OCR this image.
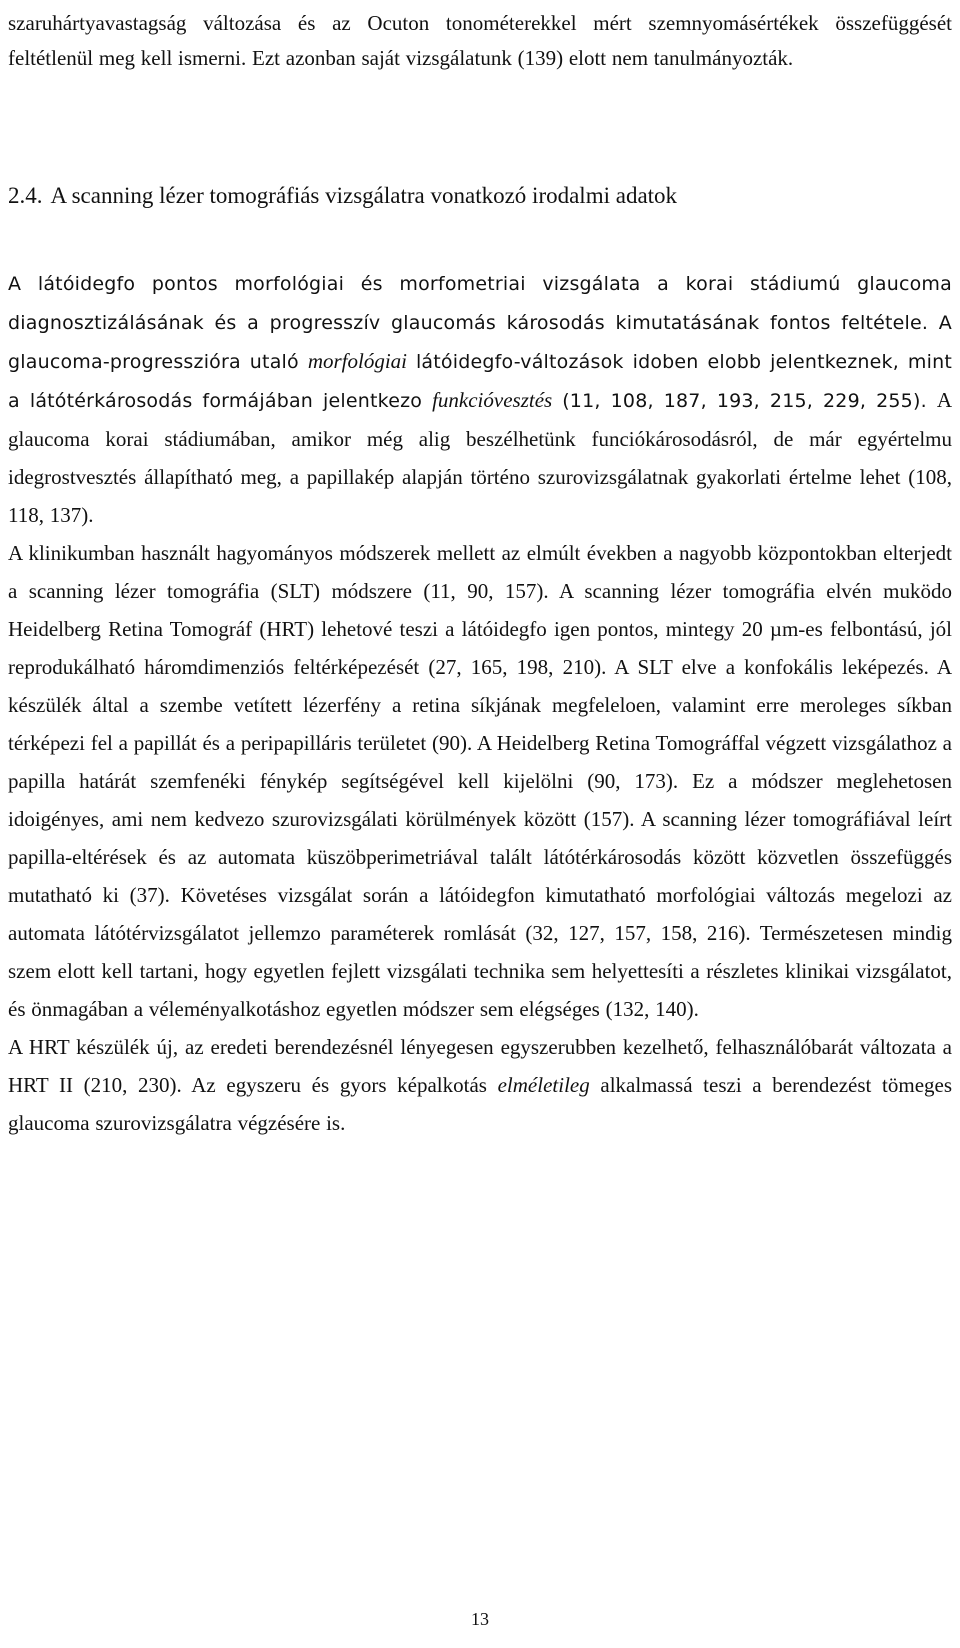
szaruhártyavastagság változása és az Ocuton tonométerekkel mért szemnyomásértékek összefüggését feltétlenül meg kell ismerni. Ezt azonban saját vizsgálatunk (139) elott nem tanulmányozták.
2.4. A scanning lézer tomográfiás vizsgálatra vonatkozó irodalmi adatok

A látóidegfo pontos morfológiai és morfometriai vizsgálata a korai stádiumú glaucoma diagnosztizálásának és a progresszív glaucomás károsodás kimutatásának fontos feltétele. A glaucoma-progresszióra utaló morfológiai látóidegfo-változások idoben elobb jelentkeznek, mint a látótérkárosodás formájában jelentkezo funkcióvesztés (11, 108, 187, 193, 215, 229, 255). A glaucoma korai stádiumában, amikor még alig beszélhetünk funciókárosodásról, de már egyértelmu idegrostvesztés állapítható meg, a papillakép alapján történo szurovizsgálatnak gyakorlati értelme lehet (108, 118, 137).

A klinikumban használt hagyományos módszerek mellett az elmúlt években a nagyobb központokban elterjedt a scanning lézer tomográfia (SLT) módszere (11, 90, 157). A scanning lézer tomográfia elvén muködo Heidelberg Retina Tomográf (HRT) lehetové teszi a látóidegfo igen pontos, mintegy 20 µm-es felbontású, jól reprodukálható háromdimenziós feltérképezését (27, 165, 198, 210). A SLT elve a konfokális leképezés. A készülék által a szembe vetített lézerfény a retina síkjának megfeleloen, valamint erre meroleges síkban térképezi fel a papillát és a peripapilláris területet (90). A Heidelberg Retina Tomográffal végzett vizsgálathoz a papilla határát szemfenéki fénykép segítségével kell kijelölni (90, 173). Ez a módszer meglehetosen idoigényes, ami nem kedvezo szurovizsgálati körülmények között (157). A scanning lézer tomográfiával leírt papilla-eltérések és az automata küszöbperimetriával talált látótérkárosodás között közvetlen összefüggés mutatható ki (37). Követéses vizsgálat során a látóidegfon kimutatható morfológiai változás megelozi az automata látótérvizsgálatot jellemzo paraméterek romlását (32, 127, 157, 158, 216). Természetesen mindig szem elott kell tartani, hogy egyetlen fejlett vizsgálati technika sem helyettesíti a részletes klinikai vizsgálatot, és önmagában a véleményalkotáshoz egyetlen módszer sem elégséges (132, 140).

A HRT készülék új, az eredeti berendezésnél lényegesen egyszerubben kezelhető, felhasználóbarát változata a HRT II (210, 230). Az egyszeru és gyors képalkotás elméletileg alkalmassá teszi a berendezést tömeges glaucoma szurovizsgálatra végzésére is.

13
